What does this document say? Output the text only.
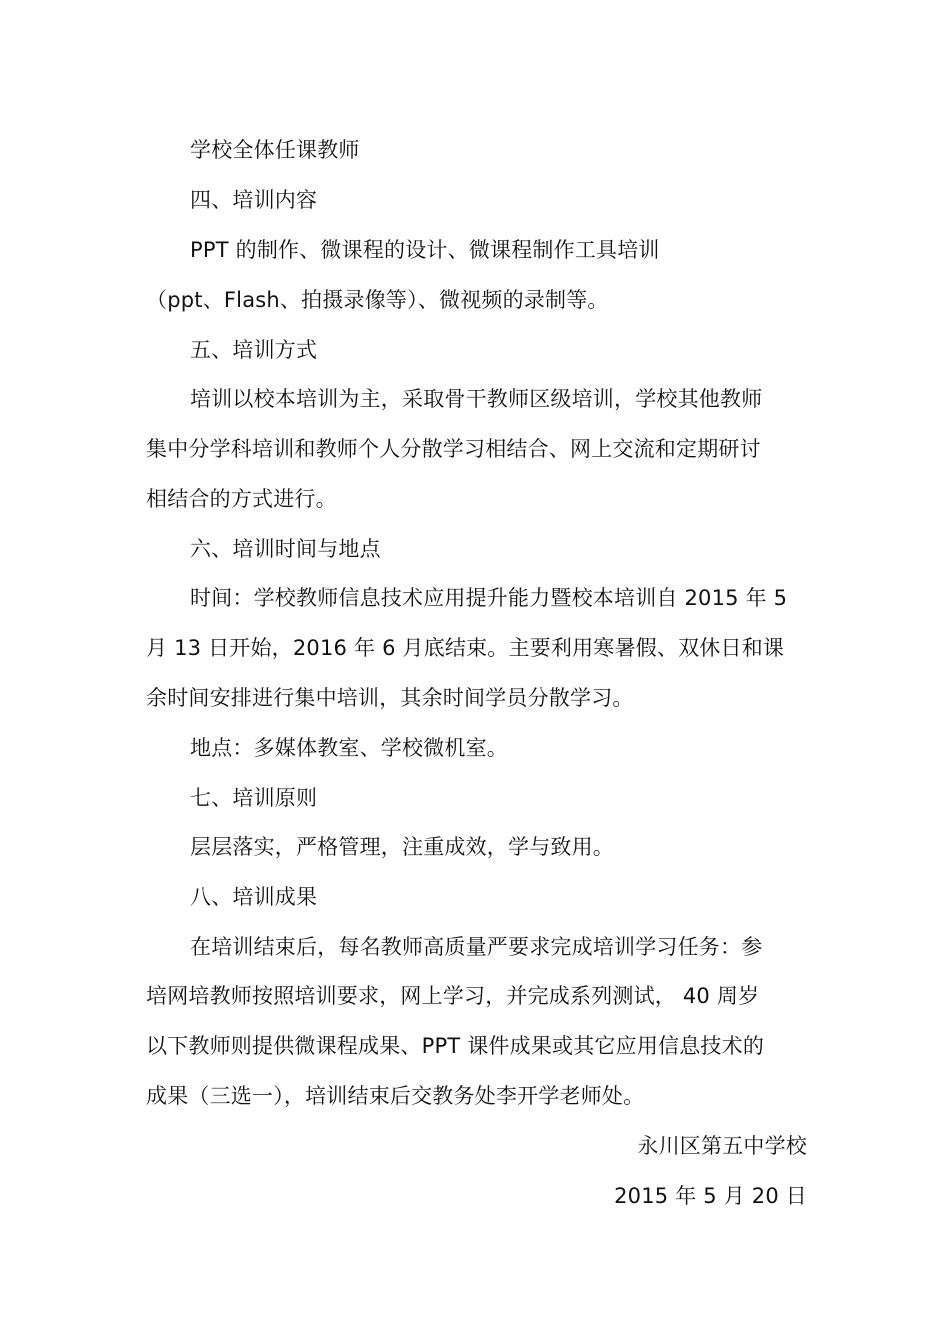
学校全体任课教师
四、培训内容
PPT 的制作、微课程的设计、微课程制作工具培训
（ppt、Flash、拍摄录像等）、微视频的录制等。
五、培训方式
培训以校本培训为主，采取骨干教师区级培训，学校其他教师
集中分学科培训和教师个人分散学习相结合、网上交流和定期研讨
相结合的方式进行。
六、培训时间与地点
时间：学校教师信息技术应用提升能力暨校本培训自 2015 年 5
月 13 日开始，2016 年 6 月底结束。主要利用寒暑假、双休日和课
余时间安排进行集中培训，其余时间学员分散学习。
地点：多媒体教室、学校微机室。
七、培训原则
层层落实，严格管理，注重成效，学与致用。
八、培训成果
在培训结束后，每名教师高质量严要求完成培训学习任务：参
培网培教师按照培训要求，网上学习，并完成系列测试， 40 周岁
以下教师则提供微课程成果、PPT 课件成果或其它应用信息技术的
成果（三选一），培训结束后交教务处李开学老师处。
永川区第五中学校
2015 年 5 月 20 日
